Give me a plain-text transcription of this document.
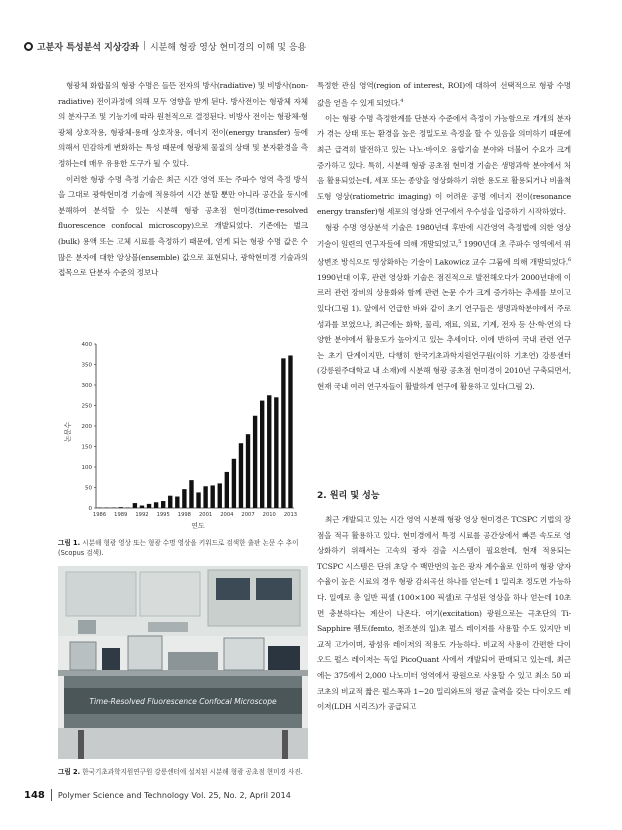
고분자 특성분석 지상강좌 | 시분해 형광 영상 현미경의 이해 및 응용

형광체 화합물의 형광 수명은 들뜬 전자의 방사(radiative) 및 비방사(non-radiative) 전이과정에 의해 모두 영향을 받게 된다. 방사전이는 형광체 자체의 분자구조 및 기능기에 따라 원천적으로 결정된다. 비방사 전이는 형광체-형광체 상호작용, 형광체-용매 상호작용, 에너지 전이(energy transfer) 등에 의해서 민감하게 변화하는 특성 때문에 형광체 물질의 상태 및 분자환경을 측정하는데 매우 유용한 도구가 될 수 있다.

이러한 형광 수명 측정 기술은 최근 시간 영역 또는 주파수 영역 측정 방식을 그대로 광학현미경 기술에 적용하여 시간 분할 뿐만 아니라 공간을 동시에 분해하여 분석할 수 있는 시분해 형광 공초점 현미경(time-resolved fluorescence confocal microscopy)으로 개발되었다. 기존에는 벌크(bulk) 용액 또는 고체 시료를 측정하기 때문에, 얻게 되는 형광 수명 값은 수 많은 분자에 대한 앙상블(ensemble) 값으로 표현되나, 광학현미경 기술과의 접목으로 단분자 수준의 정보나

0
50
100
150
200
250
300
350
400
1986 1989 1992 1995 1998 2001 2004 2007 2010 2013
논문수
연도
그림 1. 시분해 형광 영상 또는 형광 수명 영상을 키워드로 검색한 출판 논문 수 추이(Scopus 검색).
Time-Resolved Fluorescence Confocal Microscope
그림 2. 한국기초과학지원연구원 강릉센터에 설치된 시분해 형광 공초점 현미경 사진.

특정한 관심 영역(region of interest, ROI)에 대하여 선택적으로 형광 수명 값을 얻을 수 있게 되었다.$^4$

이는 형광 수명 측정한계를 단분자 수준에서 측정이 가능함으로 개개의 분자가 겪는 상태 또는 환경을 높은 정밀도로 측정을 할 수 있음을 의미하기 때문에 최근 급격히 발전하고 있는 나노·바이오 융합기술 분야와 더불어 수요가 크게 증가하고 있다. 특히, 시분해 형광 공초점 현미경 기술은 생명과학 분야에서 처음 활용되었는데, 세포 또는 종양을 영상화하기 위한 용도로 활용되거나 비율척도형 영상(ratiometric imaging) 이 어려운 공명 에너지 전이(resonance energy transfer)형 세포의 영상화 연구에서 우수성을 입증하기 시작하였다.

형광 수명 영상분석 기술은 1980년대 후반에 시간영역 측정법에 의한 영상기술이 일련의 연구자들에 의해 개발되었고,$^5$ 1990년대 초 주파수 영역에서 위상변조 방식으로 영상화하는 기술이 Lakowicz 교수 그룹에 의해 개발되었다.$^6$ 1990년대 이후, 관련 영상화 기술은 점진적으로 발전해오다가 2000년대에 이르러 관련 장비의 상용화와 함께 관련 논문 수가 크게 증가하는 추세를 보이고 있다(그림 1). 앞에서 언급한 바와 같이 초기 연구들은 생명과학분야에서 주로 성과를 보였으나, 최근에는 화학, 물리, 재료, 의료, 기계, 전자 등 산·학·연의 다양한 분야에서 활용도가 높아지고 있는 추세이다. 이에 반하여 국내 관련 연구는 초기 단계이지만, 다행히 한국기초과학지원연구원(이하 기초연) 강릉센터(강릉원주대학교 내 소재)에 시분해 형광 공초점 현미경이 2010년 구축되면서, 현재 국내 여러 연구자들이 활발하게 연구에 활용하고 있다(그림 2).

2. 원리 및 성능

최근 개발되고 있는 시간 영역 시분해 형광 영상 현미경은 TCSPC 기법의 장점을 적극 활용하고 있다. 현미경에서 특정 시료를 공간상에서 빠른 속도로 영상화하기 위해서는 고속의 광자 검출 시스템이 필요한데, 현재 적용되는 TCSPC 시스템은 단위 초당 수 백만번의 높은 광자 계수율로 인하여 형광 양자수율이 높은 시료의 경우 형광 감쇠곡선 하나를 얻는데 1 밀리초 정도면 가능하다. 일예로 총 일반 픽셀 (100×100 픽셀)로 구성된 영상을 하나 얻는데 10초면 충분하다는 계산이 나온다. 여기(excitation) 광원으로는 극초단의 Ti-Sapphire 펨토(femto, 천조분의 일)초 펄스 레이저를 사용할 수도 있지만 비교적 고가이며, 광섬유 레이저의 적용도 가능하다. 비교적 사용이 간편한 다이오드 펄스 레이저는 독일 PicoQuant 사에서 개발되어 판매되고 있는데, 최근에는 375에서 2,000 나노미터 영역에서 광원으로 사용할 수 있고 최소 50 피코초의 비교적 짧은 펄스폭과 1~20 밀리와트의 평균 출력을 갖는 다이오드 레이저(LDH 시리즈)가 공급되고

148 Polymer Science and Technology Vol. 25, No. 2, April 2014
